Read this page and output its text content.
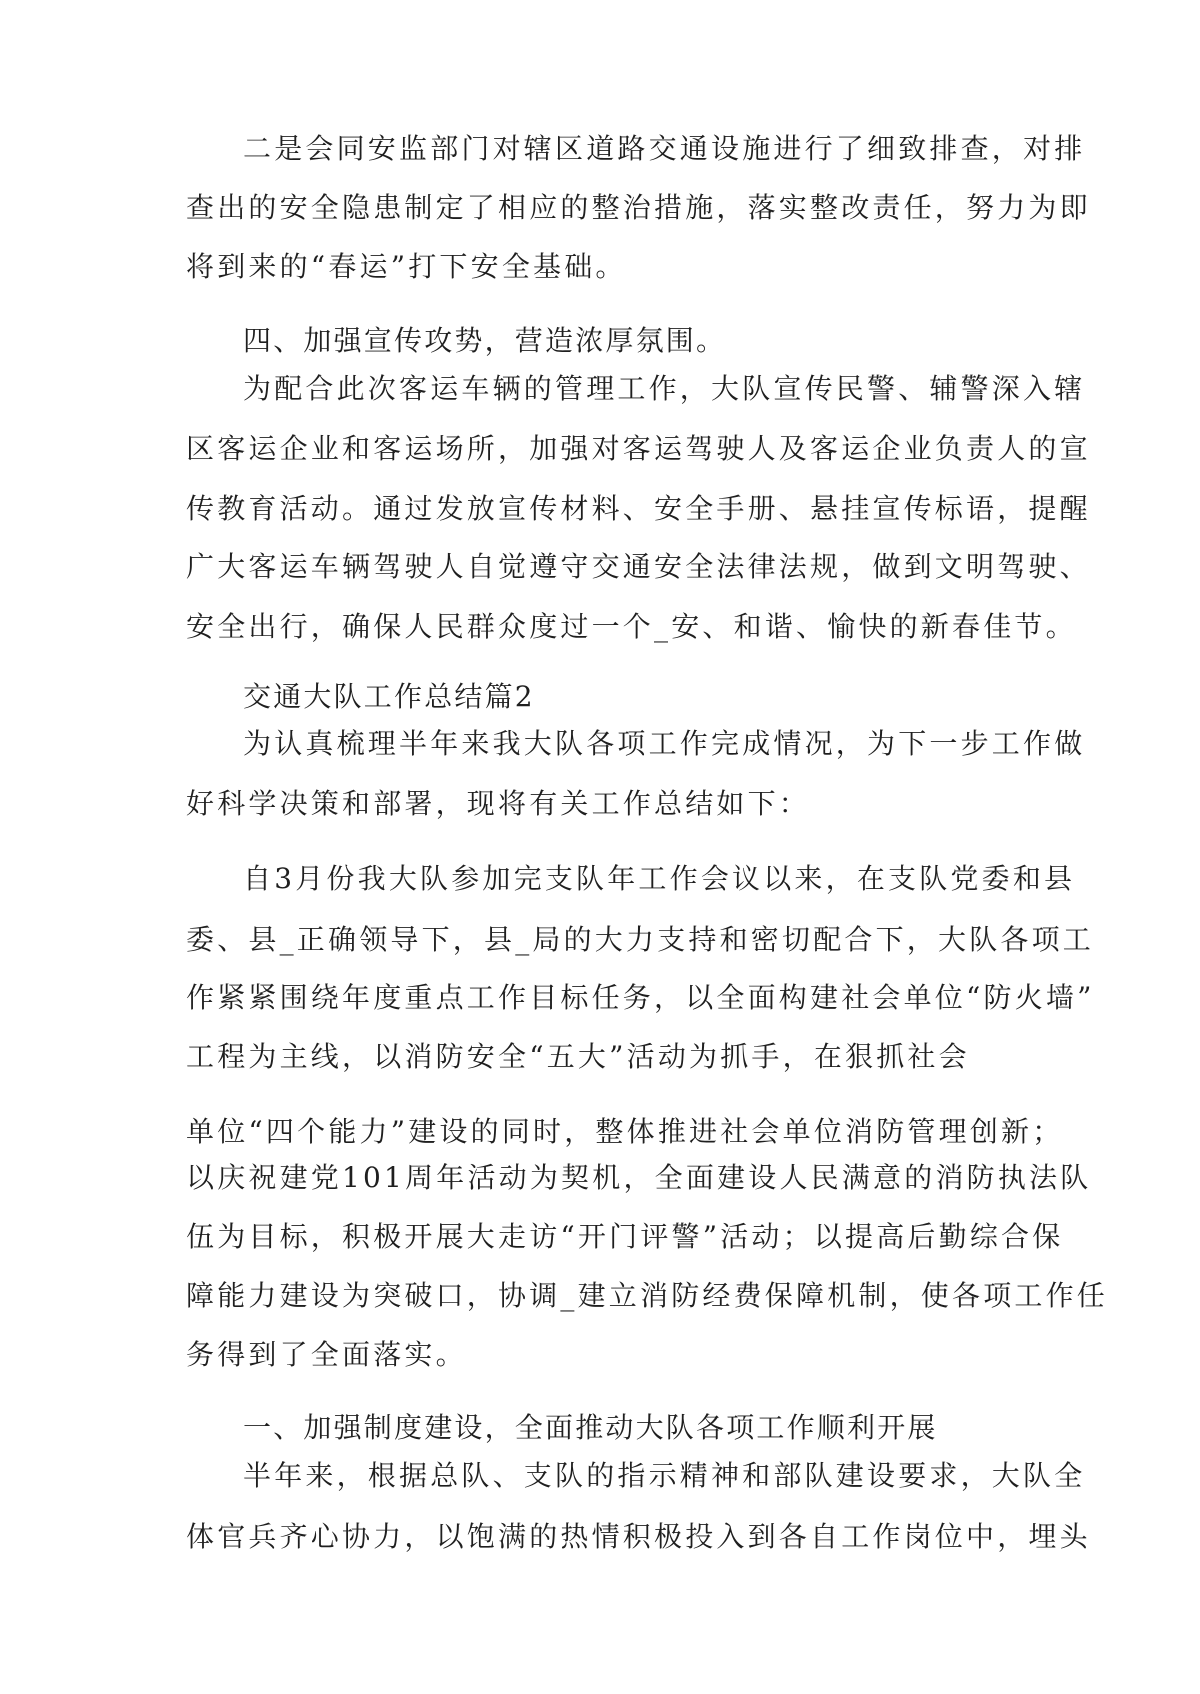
二是会同安监部门对辖区道路交通设施进行了细致排查，对排
查出的安全隐患制定了相应的整治措施，落实整改责任，努力为即
将到来的“春运”打下安全基础。
四、加强宣传攻势，营造浓厚氛围。
为配合此次客运车辆的管理工作，大队宣传民警、辅警深入辖
区客运企业和客运场所，加强对客运驾驶人及客运企业负责人的宣
传教育活动。通过发放宣传材料、安全手册、悬挂宣传标语，提醒
广大客运车辆驾驶人自觉遵守交通安全法律法规，做到文明驾驶、
安全出行，确保人民群众度过一个_安、和谐、愉快的新春佳节。
交通大队工作总结篇2
为认真梳理半年来我大队各项工作完成情况，为下一步工作做
好科学决策和部署，现将有关工作总结如下：
自3月份我大队参加完支队年工作会议以来，在支队党委和县
委、县_正确领导下，县_局的大力支持和密切配合下，大队各项工
作紧紧围绕年度重点工作目标任务，以全面构建社会单位“防火墙”
工程为主线，以消防安全“五大”活动为抓手，在狠抓社会
单位“四个能力”建设的同时，整体推进社会单位消防管理创新；
以庆祝建党101周年活动为契机，全面建设人民满意的消防执法队
伍为目标，积极开展大走访“开门评警”活动；以提高后勤综合保
障能力建设为突破口，协调_建立消防经费保障机制，使各项工作任
务得到了全面落实。
一、加强制度建设，全面推动大队各项工作顺利开展
半年来，根据总队、支队的指示精神和部队建设要求，大队全
体官兵齐心协力，以饱满的热情积极投入到各自工作岗位中，埋头
